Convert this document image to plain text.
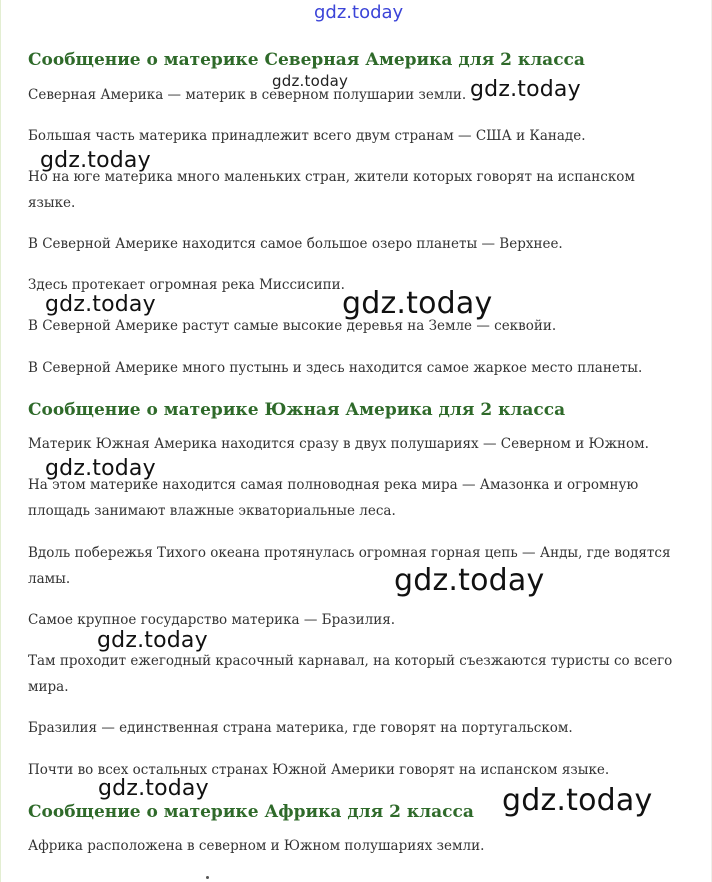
Сообщение о материке Северная Америка для 2 класса

Северная Америка — материк в северном полушарии земли.

Большая часть материка принадлежит всего двум странам — США и Канаде.

Но на юге материка много маленьких стран, жители которых говорят на испанском языке.

В Северной Америке находится самое большое озеро планеты — Верхнее.

Здесь протекает огромная река Миссисипи.

В Северной Америке растут самые высокие деревья на Земле — секвойи.

В Северной Америке много пустынь и здесь находится самое жаркое место планеты.

Сообщение о материке Южная Америка для 2 класса

Материк Южная Америка находится сразу в двух полушариях — Северном и Южном.

На этом материке находится самая полноводная река мира — Амазонка и огромную площадь занимают влажные экваториальные леса.

Вдоль побережья Тихого океана протянулась огромная горная цепь — Анды, где водятся ламы.

Самое крупное государство материка — Бразилия.

Там проходит ежегодный красочный карнавал, на который съезжаются туристы со всего мира.

Бразилия — единственная страна материка, где говорят на португальском.

Почти во всех остальных странах Южной Америки говорят на испанском языке.

Сообщение о материке Африка для 2 класса

Африка расположена в северном и Южном полушариях земли.

gdz.today
gdz.today	gdz.today
gdz.today
gdz.today	gdz.today
gdz.today
gdz.today
gdz.today
gdz.today	gdz.today
